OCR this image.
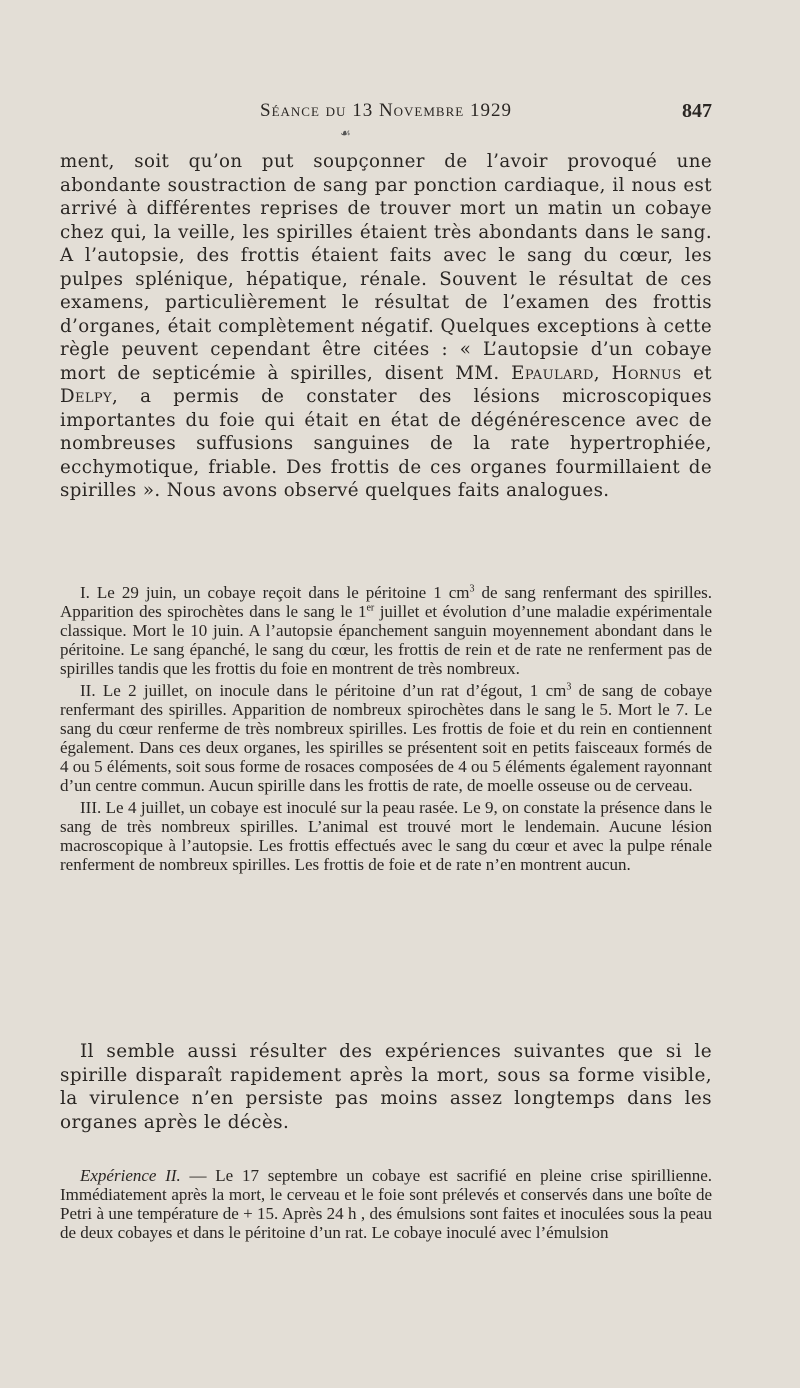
Séance du 13 Novembre 1929	847
☙

ment, soit qu’on put soupçonner de l’avoir provoqué une abondante soustraction de sang par ponction cardiaque, il nous est arrivé à différentes reprises de trouver mort un matin un cobaye chez qui, la veille, les spirilles étaient très abondants dans le sang. A l’autopsie, des frottis étaient faits avec le sang du cœur, les pulpes splénique, hépatique, rénale. Souvent le résultat de ces examens, particulièrement le résultat de l’examen des frottis d’organes, était complètement négatif. Quelques exceptions à cette règle peuvent cependant être citées : « L’autopsie d’un cobaye mort de septicémie à spirilles, disent MM. Epaulard, Hornus et Delpy, a permis de constater des lésions microscopiques importantes du foie qui était en état de dégénérescence avec de nombreuses suffusions sanguines de la rate hypertrophiée, ecchymotique, friable. Des frottis de ces organes fourmillaient de spirilles ». Nous avons observé quelques faits analogues.

I. Le 29 juin, un cobaye reçoit dans le péritoine 1 $cm^3$ de sang renfermant des spirilles. Apparition des spirochètes dans le sang le 1er juillet et évolution d’une maladie expérimentale classique. Mort le 10 juin. A l’autopsie épanchement sanguin moyennement abondant dans le péritoine. Le sang épanché, le sang du cœur, les frottis de rein et de rate ne renferment pas de spirilles tandis que les frottis du foie en montrent de très nombreux.

II. Le 2 juillet, on inocule dans le péritoine d’un rat d’égout, 1 $cm^3$ de sang de cobaye renfermant des spirilles. Apparition de nombreux spirochètes dans le sang le 5. Mort le 7. Le sang du cœur renferme de très nombreux spirilles. Les frottis de foie et du rein en contiennent également. Dans ces deux organes, les spirilles se présentent soit en petits faisceaux formés de 4 ou 5 éléments, soit sous forme de rosaces composées de 4 ou 5 éléments également rayonnant d’un centre commun. Aucun spirille dans les frottis de rate, de moelle osseuse ou de cerveau.

III. Le 4 juillet, un cobaye est inoculé sur la peau rasée. Le 9, on constate la présence dans le sang de très nombreux spirilles. L’animal est trouvé mort le lendemain. Aucune lésion macroscopique à l’autopsie. Les frottis effectués avec le sang du cœur et avec la pulpe rénale renferment de nombreux spirilles. Les frottis de foie et de rate n’en montrent aucun.

Il semble aussi résulter des expériences suivantes que si le spirille disparaît rapidement après la mort, sous sa forme visible, la virulence n’en persiste pas moins assez longtemps dans les organes après le décès.

Expérience II. — Le 17 septembre un cobaye est sacrifié en pleine crise spirillienne. Immédiatement après la mort, le cerveau et le foie sont prélevés et conservés dans une boîte de Petri à une température de + 15. Après 24 h , des émulsions sont faites et inoculées sous la peau de deux cobayes et dans le péritoine d’un rat. Le cobaye inoculé avec l’émulsion
